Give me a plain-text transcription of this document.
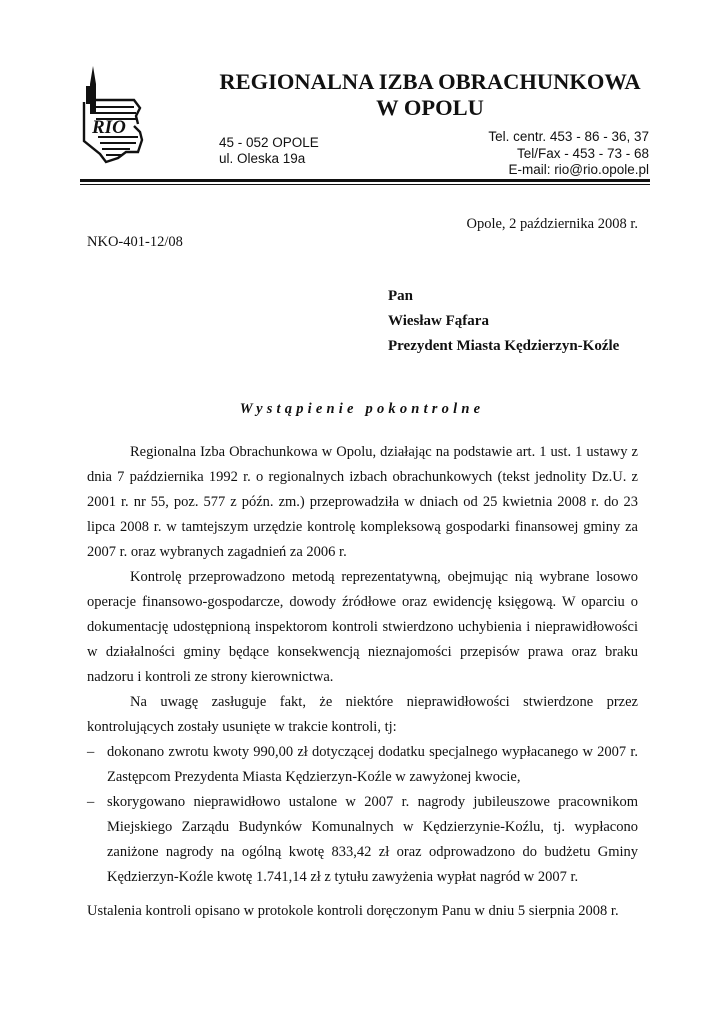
RIO
REGIONALNA IZBA OBRACHUNKOWA
W OPOLU
45 - 052 OPOLE
ul. Oleska 19a
Tel. centr. 453 - 86 - 36, 37
Tel/Fax - 453 - 73 - 68
E-mail: rio@rio.opole.pl
Opole, 2 października 2008 r.
NKO-401-12/08
Pan
Wiesław Fąfara
Prezydent Miasta Kędzierzyn-Koźle
Wystąpienie pokontrolne

Regionalna Izba Obrachunkowa w Opolu, działając na podstawie art. 1 ust. 1 ustawy z dnia 7 października 1992 r. o regionalnych izbach obrachunkowych (tekst jednolity Dz.U. z 2001 r. nr 55, poz. 577 z późn. zm.) przeprowadziła w dniach od 25 kwietnia 2008 r. do 23 lipca 2008 r. w tamtejszym urzędzie kontrolę kompleksową gospodarki finansowej gminy za 2007 r. oraz wybranych zagadnień za 2006 r.

Kontrolę przeprowadzono metodą reprezentatywną, obejmując nią wybrane losowo operacje finansowo-gospodarcze, dowody źródłowe oraz ewidencję księgową. W oparciu o dokumentację udostępnioną inspektorom kontroli stwierdzono uchybienia i nieprawidłowości w działalności gminy będące konsekwencją nieznajomości przepisów prawa oraz braku nadzoru i kontroli ze strony kierownictwa.

Na uwagę zasługuje fakt, że niektóre nieprawidłowości stwierdzone przez kontrolujących zostały usunięte w trakcie kontroli, tj:

– dokonano zwrotu kwoty 990,00 zł dotyczącej dodatku specjalnego wypłacanego w 2007 r. Zastępcom Prezydenta Miasta Kędzierzyn-Koźle w zawyżonej kwocie,
– skorygowano nieprawidłowo ustalone w 2007 r. nagrody jubileuszowe pracownikom Miejskiego Zarządu Budynków Komunalnych w Kędzierzynie-Koźlu, tj. wypłacono zaniżone nagrody na ogólną kwotę 833,42 zł oraz odprowadzono do budżetu Gminy Kędzierzyn-Koźle kwotę 1.741,14 zł z tytułu zawyżenia wypłat nagród w 2007 r.
Ustalenia kontroli opisano w protokole kontroli doręczonym Panu w dniu 5 sierpnia 2008 r.
